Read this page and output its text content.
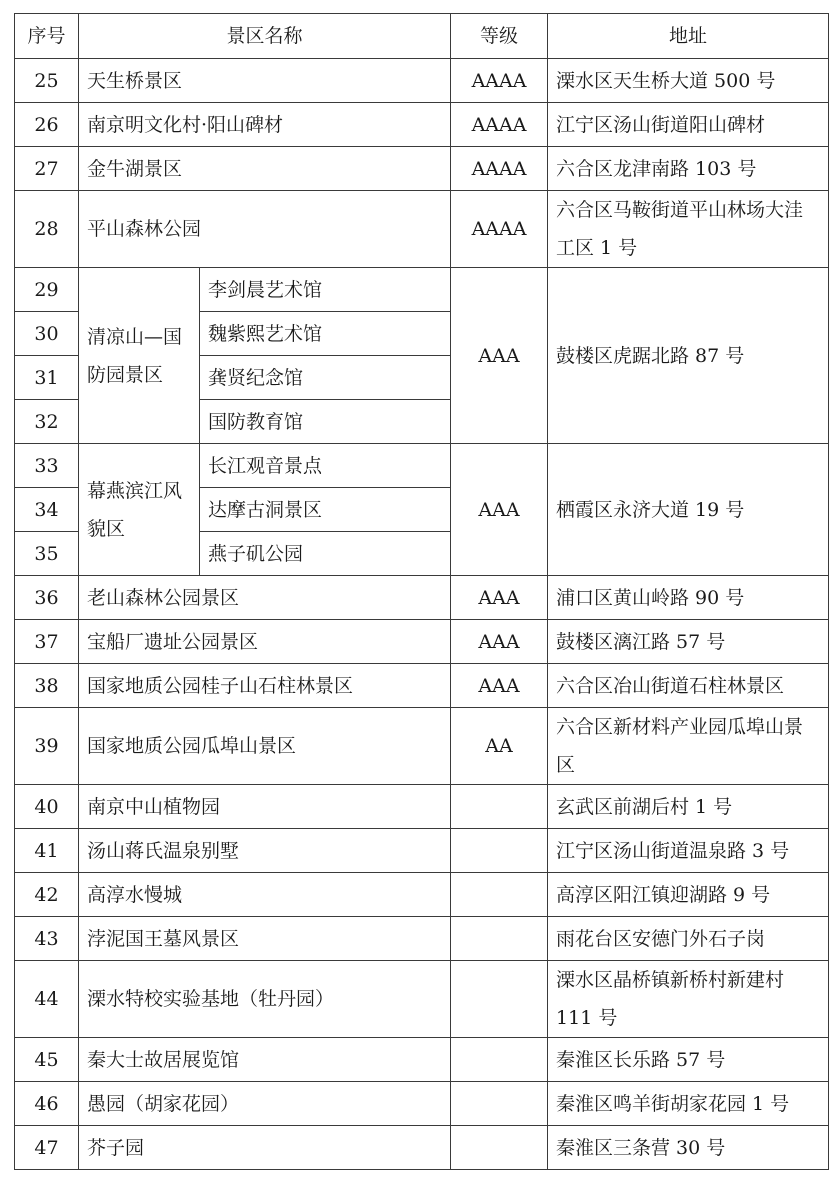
序号	景区名称		等级	地址
25	天生桥景区		AAAA	溧水区天生桥大道 500 号
26	南京明文化村·阳山碑材		AAAA	江宁区汤山街道阳山碑材
27	金牛湖景区		AAAA	六合区龙津南路 103 号
28	平山森林公园		AAAA	六合区马鞍街道平山林场大洼工区 1 号
29	清凉山—国防园景区	李剑晨艺术馆	AAA	鼓楼区虎踞北路 87 号
30		魏紫熙艺术馆		
31		龚贤纪念馆		
32		国防教育馆		
33	幕燕滨江风貌区	长江观音景点	AAA	栖霞区永济大道 19 号
34		达摩古洞景区		
35		燕子矶公园		
36	老山森林公园景区		AAA	浦口区黄山岭路 90 号
37	宝船厂遗址公园景区		AAA	鼓楼区漓江路 57 号
38	国家地质公园桂子山石柱林景区		AAA	六合区冶山街道石柱林景区
39	国家地质公园瓜埠山景区		AA	六合区新材料产业园瓜埠山景区
40	南京中山植物园			玄武区前湖后村 1 号
41	汤山蒋氏温泉别墅			江宁区汤山街道温泉路 3 号
42	高淳水慢城			高淳区阳江镇迎湖路 9 号
43	浡泥国王墓风景区			雨花台区安德门外石子岗
44	溧水特校实验基地（牡丹园）			溧水区晶桥镇新桥村新建村 111 号
45	秦大士故居展览馆			秦淮区长乐路 57 号
46	愚园（胡家花园）			秦淮区鸣羊街胡家花园 1 号
47	芥子园			秦淮区三条营 30 号
